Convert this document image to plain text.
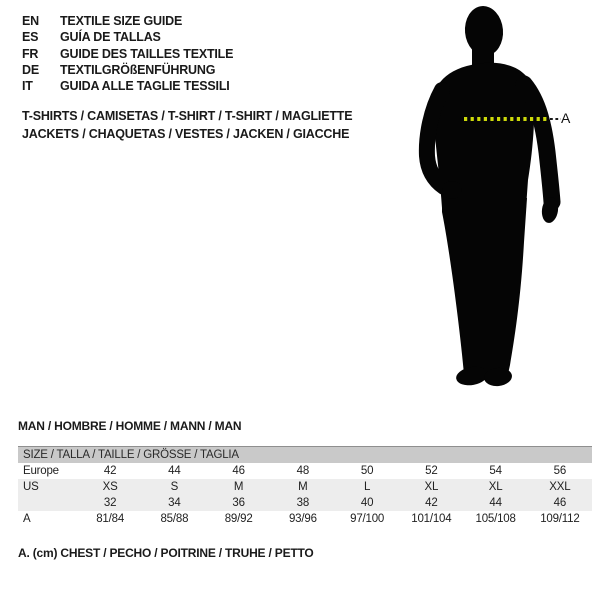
EN	TEXTILE SIZE GUIDE
ES	GUÍA DE TALLAS
FR	GUIDE DES TAILLES TEXTILE
DE	TEXTILGRÖßENFÜHRUNG
IT	GUIDA ALLE TAGLIE TESSILI
T-SHIRTS / CAMISETAS / T-SHIRT / T-SHIRT / MAGLIETTE
JACKETS / CHAQUETAS / VESTES / JACKEN / GIACCHE
A
MAN / HOMBRE / HOMME / MANN / MAN
SIZE / TALLA / TAILLE / GRÖSSE / TAGLIA								
Europe	42	44	46	48	50	52	54	56
US	XS	S	M	M	L	XL	XL	XXL
	32	34	36	38	40	42	44	46
A	81/84	85/88	89/92	93/96	97/100	101/104	105/108	109/112
A. (cm) CHEST / PECHO / POITRINE / TRUHE / PETTO
